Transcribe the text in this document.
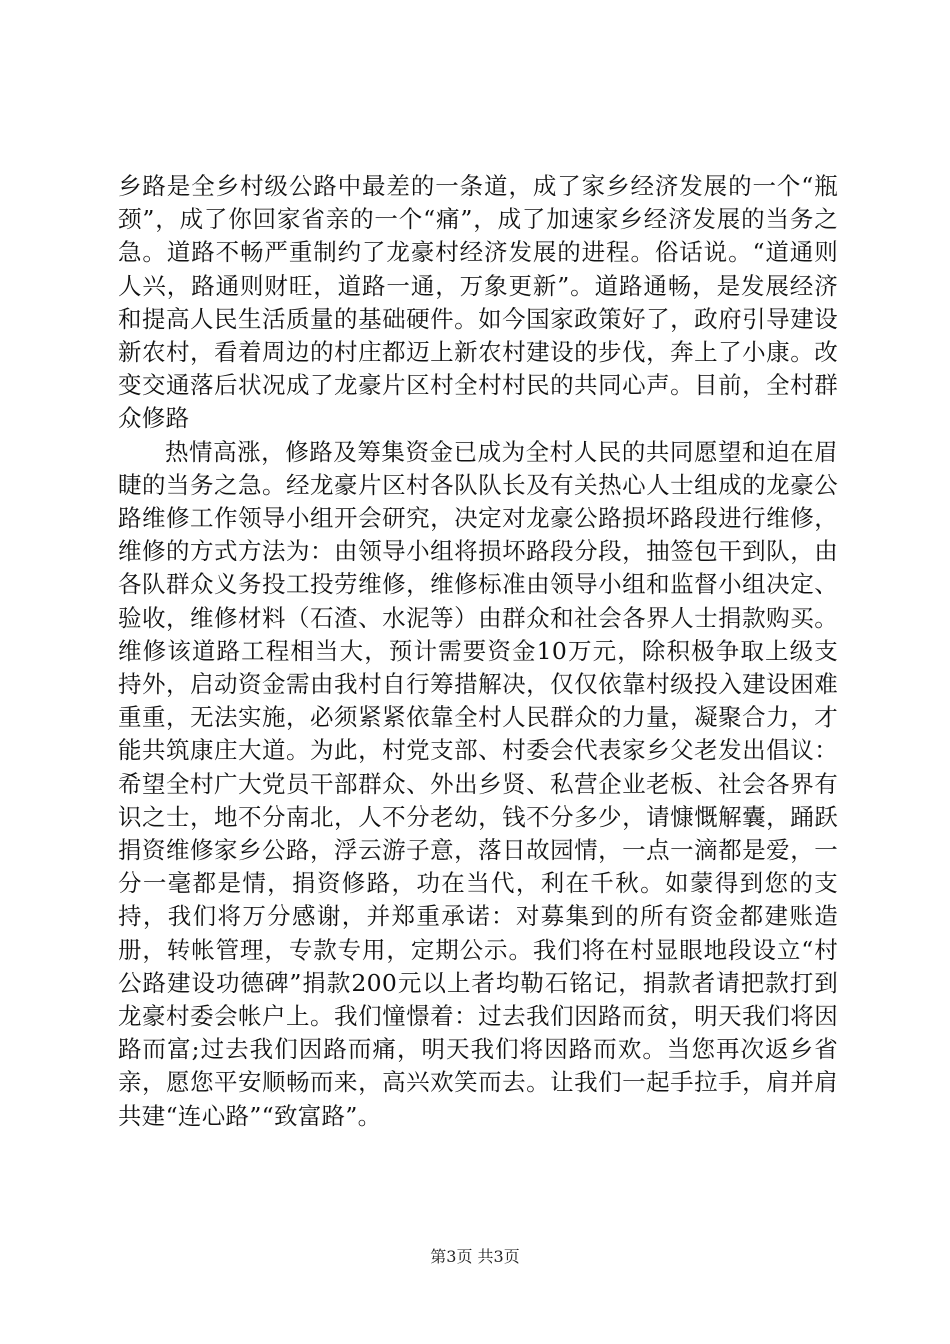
乡路是全乡村级公路中最差的一条道，成了家乡经济发展的一个“瓶颈”，成了你回家省亲的一个“痛”，成了加速家乡经济发展的当务之急。道路不畅严重制约了龙豪村经济发展的进程。俗话说。“道通则人兴，路通则财旺，道路一通，万象更新”。道路通畅，是发展经济和提高人民生活质量的基础硬件。如今国家政策好了，政府引导建设新农村，看着周边的村庄都迈上新农村建设的步伐，奔上了小康。改变交通落后状况成了龙豪片区村全村村民的共同心声。目前，全村群众修路

热情高涨，修路及筹集资金已成为全村人民的共同愿望和迫在眉睫的当务之急。经龙豪片区村各队队长及有关热心人士组成的龙豪公路维修工作领导小组开会研究，决定对龙豪公路损坏路段进行维修，维修的方式方法为：由领导小组将损坏路段分段，抽签包干到队，由各队群众义务投工投劳维修，维修标准由领导小组和监督小组决定、验收，维修材料（石渣、水泥等）由群众和社会各界人士捐款购买。维修该道路工程相当大，预计需要资金10万元，除积极争取上级支持外，启动资金需由我村自行筹措解决，仅仅依靠村级投入建设困难重重，无法实施，必须紧紧依靠全村人民群众的力量，凝聚合力，才能共筑康庄大道。为此，村党支部、村委会代表家乡父老发出倡议：希望全村广大党员干部群众、外出乡贤、私营企业老板、社会各界有识之士，地不分南北，人不分老幼，钱不分多少，请慷慨解囊，踊跃捐资维修家乡公路，浮云游子意，落日故园情，一点一滴都是爱，一分一毫都是情，捐资修路，功在当代，利在千秋。如蒙得到您的支持，我们将万分感谢，并郑重承诺：对募集到的所有资金都建账造册，转帐管理，专款专用，定期公示。我们将在村显眼地段设立“村公路建设功德碑”捐款200元以上者均勒石铭记，捐款者请把款打到龙豪村委会帐户上。我们憧憬着：过去我们因路而贫，明天我们将因路而富;过去我们因路而痛，明天我们将因路而欢。当您再次返乡省亲，愿您平安顺畅而来，高兴欢笑而去。让我们一起手拉手，肩并肩共建“连心路”“致富路”。

第3页 共3页
